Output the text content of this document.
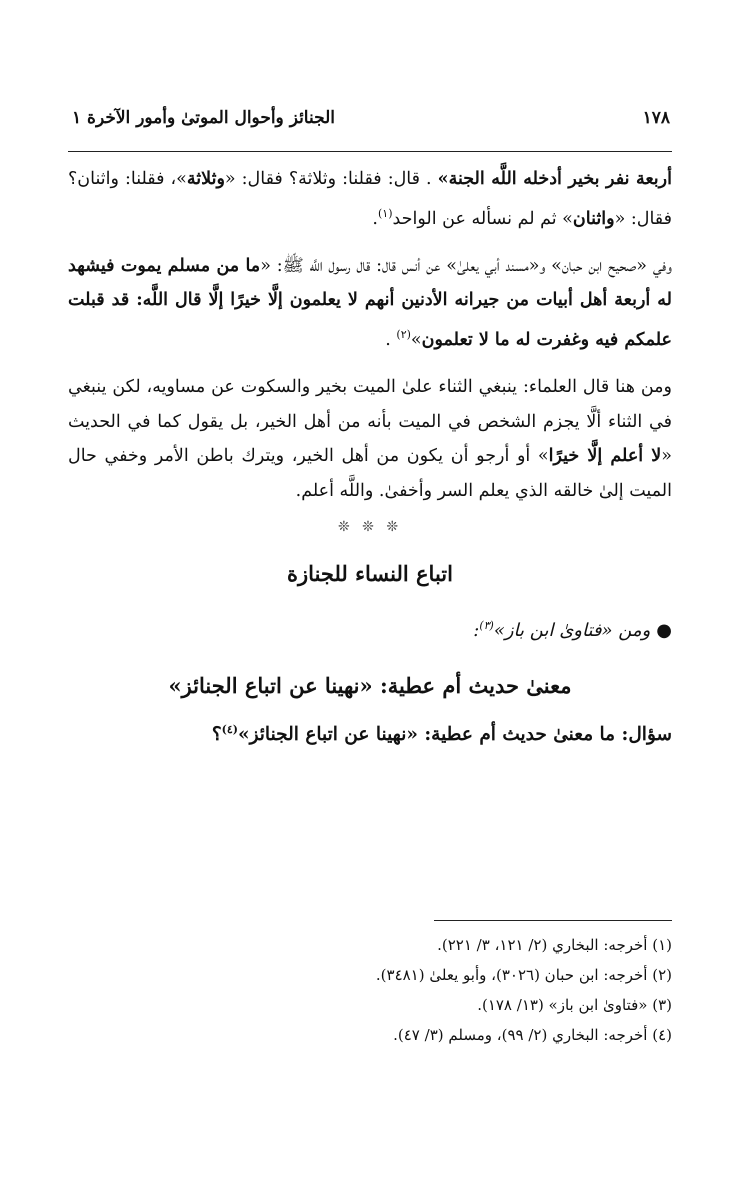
١٧٨
الجنائز وأحوال الموتىٰ وأمور الآخرة ١

أربعة نفر بخير أدخله اللَّه الجنة» . قال: فقلنا: وثلاثة؟ فقال: «وثلاثة»، فقلنا: واثنان؟ فقال: «واثنان» ثم لم نسأله عن الواحد$^{(١)}$.

وفي «صحيح ابن حبان» و«مسند أبي يعلىٰ» عن أنس قال: قال رسول اللَّه ﷺ: «ما من مسلم يموت فيشهد له أربعة أهل أبيات من جيرانه الأدنين أنهم لا يعلمون إلَّا خيرًا إلَّا قال اللَّه: قد قبلت علمكم فيه وغفرت له ما لا تعلمون»$^{(٢)}$ .

ومن هنا قال العلماء: ينبغي الثناء علىٰ الميت بخير والسكوت عن مساويه، لكن ينبغي في الثناء ألَّا يجزم الشخص في الميت بأنه من أهل الخير، بل يقول كما في الحديث «لا أعلم إلَّا خيرًا» أو أرجو أن يكون من أهل الخير، ويترك باطن الأمر وخفي حال الميت إلىٰ خالقه الذي يعلم السر وأخفىٰ. واللَّه أعلم.

❊ ❊ ❊
اتباع النساء للجنازة
●ومن «فتاوىٰ ابن باز»$^{(٣)}$:
معنىٰ حديث أم عطية: «نهينا عن اتباع الجنائز»
سؤال: ما معنىٰ حديث أم عطية: «نهينا عن اتباع الجنائز»$^{(٤)}$؟
(١) أخرجه: البخاري (٢/ ١٢١، ٣/ ٢٢١).
(٢) أخرجه: ابن حبان (٣٠٢٦)، وأبو يعلىٰ (٣٤٨١).
(٣) «فتاوىٰ ابن باز» (١٣/ ١٧٨).
(٤) أخرجه: البخاري (٢/ ٩٩)، ومسلم (٣/ ٤٧).
